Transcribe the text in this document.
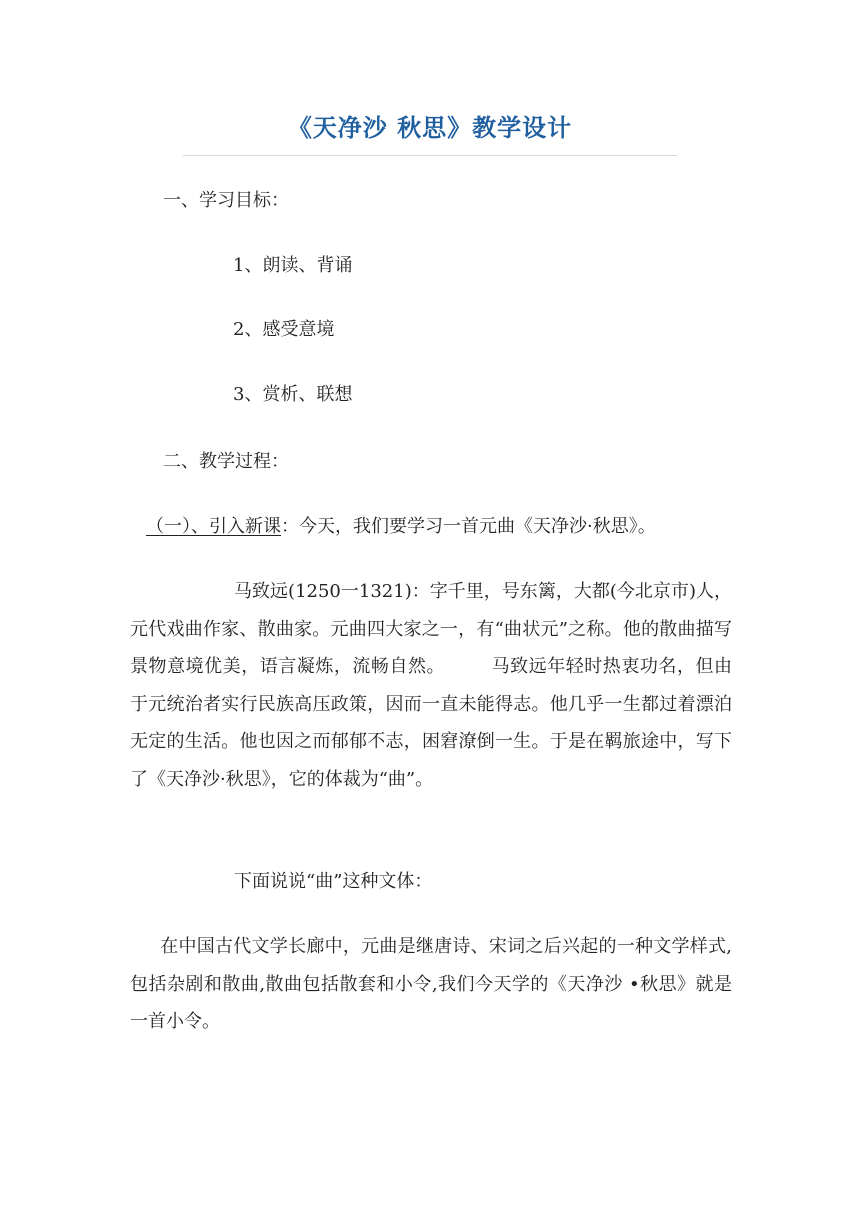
《天净沙 秋思》教学设计
一、学习目标：
1、朗读、背诵
2、感受意境
3、赏析、联想
二、教学过程：
（一）、引入新课：今天，我们要学习一首元曲《天净沙·秋思》。
马致远(1250一1321)：字千里，号东篱，大都(今北京市)人，元代戏曲作家、散曲家。元曲四大家之一，有“曲状元”之称。他的散曲描写景物意境优美，语言凝炼，流畅自然。	马致远年轻时热衷功名，但由于元统治者实行民族高压政策，因而一直未能得志。他几乎一生都过着漂泊无定的生活。他也因之而郁郁不志，困窘潦倒一生。于是在羁旅途中，写下了《天净沙·秋思》，它的体裁为“曲”。
下面说说“曲”这种文体：
在中国古代文学长廊中，元曲是继唐诗、宋词之后兴起的一种文学样式,包括杂剧和散曲,散曲包括散套和小令,我们今天学的《天净沙 •秋思》就是一首小令。
